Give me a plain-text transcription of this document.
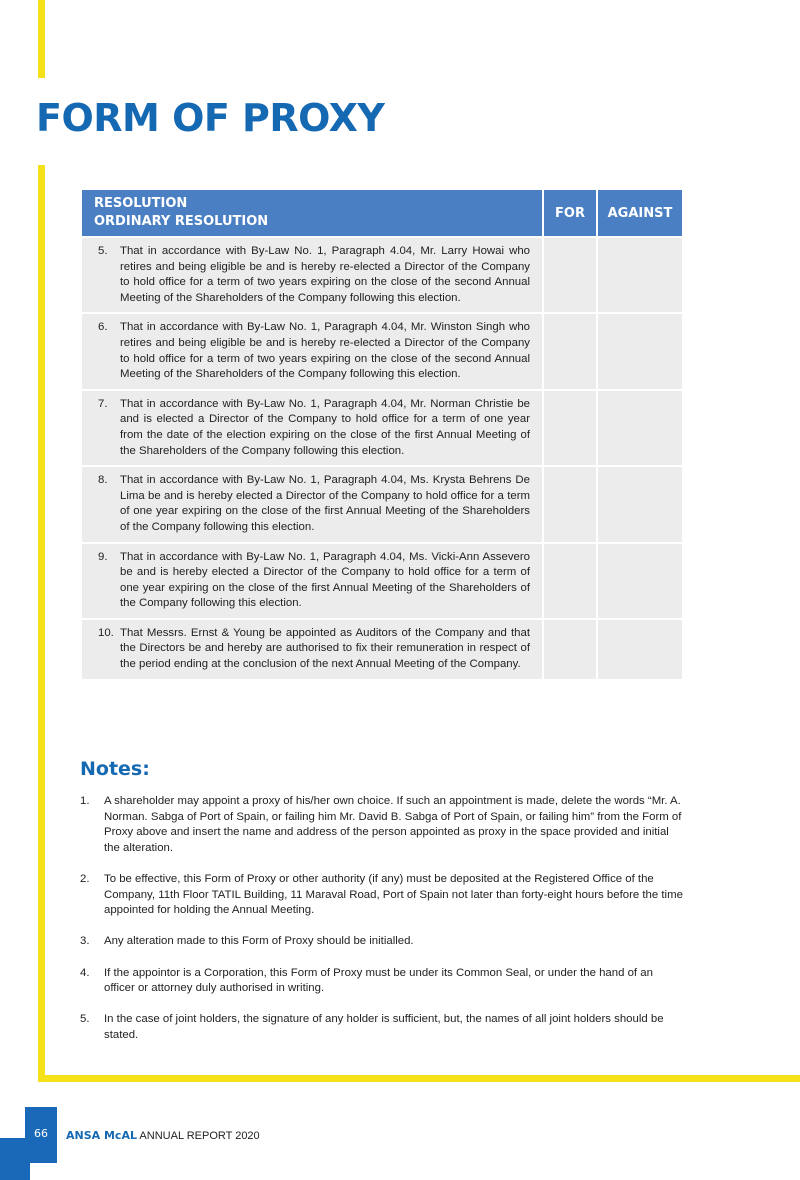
FORM OF PROXY
RESOLUTION
ORDINARY RESOLUTION	FOR	AGAINST

5. That in accordance with By-Law No. 1, Paragraph 4.04, Mr. Larry Howai who retires and being eligible be and is hereby re-elected a Director of the Company to hold office for a term of two years expiring on the close of the second Annual Meeting of the Shareholders of the Company following this election.		

6. That in accordance with By-Law No. 1, Paragraph 4.04, Mr. Winston Singh who retires and being eligible be and is hereby re-elected a Director of the Company to hold office for a term of two years expiring on the close of the second Annual Meeting of the Shareholders of the Company following this election.		

7. That in accordance with By-Law No. 1, Paragraph 4.04, Mr. Norman Christie be and is elected a Director of the Company to hold office for a term of one year from the date of the election expiring on the close of the first Annual Meeting of the Shareholders of the Company following this election.		

8. That in accordance with By-Law No. 1, Paragraph 4.04, Ms. Krysta Behrens De Lima be and is hereby elected a Director of the Company to hold office for a term of one year expiring on the close of the first Annual Meeting of the Shareholders of the Company following this election.		

9. That in accordance with By-Law No. 1, Paragraph 4.04, Ms. Vicki-Ann Assevero be and is hereby elected a Director of the Company to hold office for a term of one year expiring on the close of the first Annual Meeting of the Shareholders of the Company following this election.		

10. That Messrs. Ernst & Young be appointed as Auditors of the Company and that the Directors be and hereby are authorised to fix their remuneration in respect of the period ending at the conclusion of the next Annual Meeting of the Company.		

Notes:
1.	A shareholder may appoint a proxy of his/her own choice. If such an appointment is made, delete the words “Mr. A. Norman. Sabga of Port of Spain, or failing him Mr. David B. Sabga of Port of Spain, or failing him” from the Form of Proxy above and insert the name and address of the person appointed as proxy in the space provided and initial the alteration.
2.	To be effective, this Form of Proxy or other authority (if any) must be deposited at the Registered Office of the Company, 11th Floor TATIL Building, 11 Maraval Road, Port of Spain not later than forty-eight hours before the time appointed for holding the Annual Meeting.
3.	Any alteration made to this Form of Proxy should be initialled.
4.	If the appointor is a Corporation, this Form of Proxy must be under its Common Seal, or under the hand of an officer or attorney duly authorised in writing.
5.	In the case of joint holders, the signature of any holder is sufficient, but, the names of all joint holders should be stated.
66	ANSA McAL ANNUAL REPORT 2020
